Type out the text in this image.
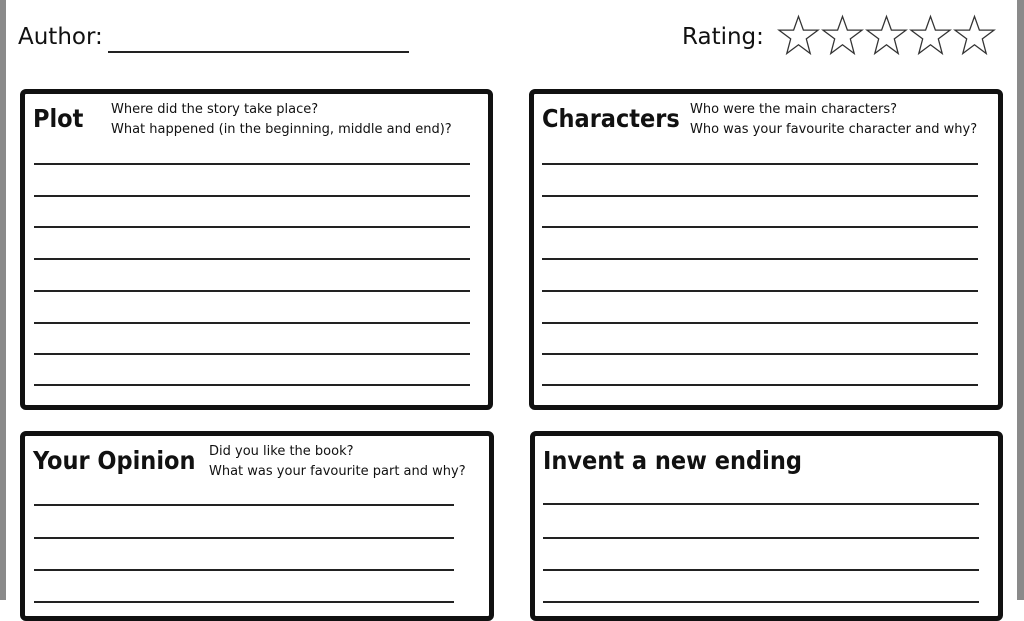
Author:	Rating:
Plot Where did the story take place?
What happened (in the beginning, middle and end)?	Characters Who were the main characters?
Who was your favourite character and why?
Your Opinion Did you like the book?
What was your favourite part and why?	Invent a new ending
